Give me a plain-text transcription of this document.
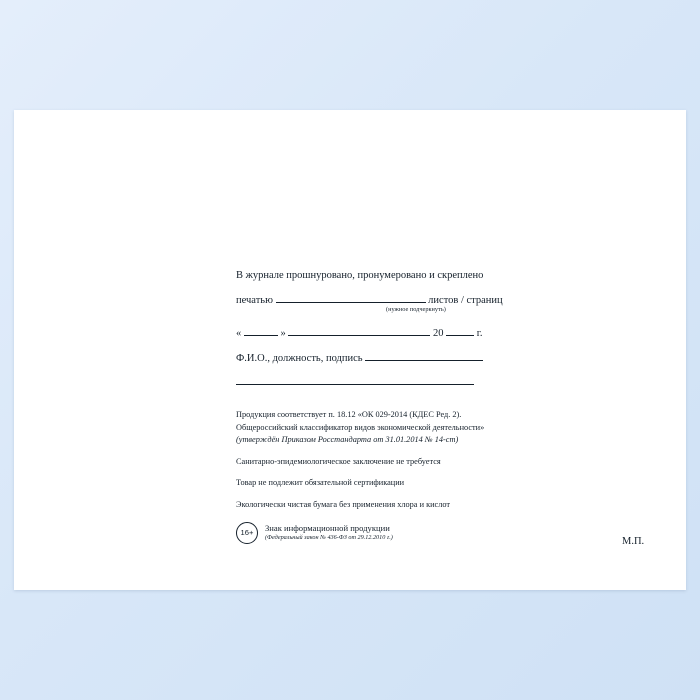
В журнале прошнуровано, пронумеровано и скреплено
печатью	листов / страниц
(нужное подчеркнуть)
«	»	20	г.
Ф.И.О., должность, подпись
М.П.
Продукция соответствует п. 18.12 «ОК 029-2014 (КДЕС Ред. 2).
Общероссийский классификатор видов экономической деятельности»
(утверждён Приказом Росстандарта от 31.01.2014 № 14-ст)
Санитарно-эпидемиологическое заключение не требуется
Товар не подлежит обязательной сертификации
Экологически чистая бумага без применения хлора и кислот
16+	Знак информационной продукции
(Федеральный закон № 436-ФЗ от 29.12.2010 г.)
